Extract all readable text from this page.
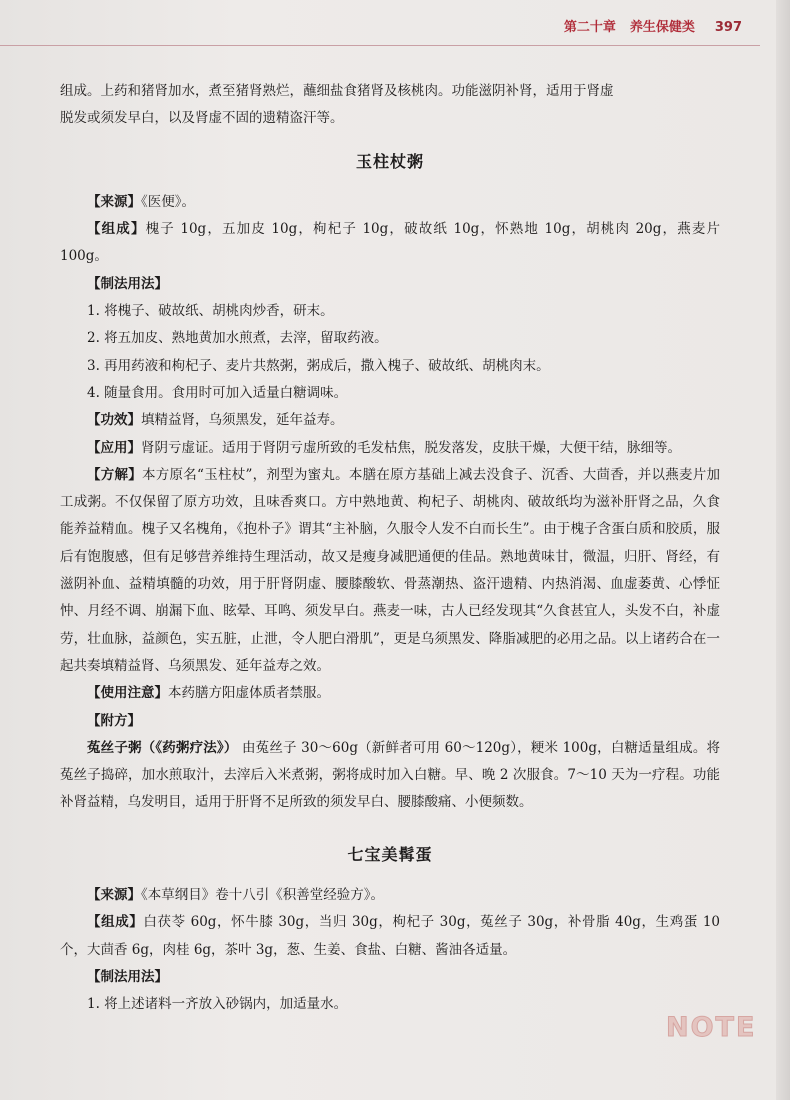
第二十章 养生保健类 397

组成。上药和猪肾加水，煮至猪肾熟烂，蘸细盐食猪肾及核桃肉。功能滋阴补肾，适用于肾虚
脱发或须发早白，以及肾虚不固的遗精盗汗等。

玉柱杖粥

【来源】《医便》。

【组成】槐子 10g，五加皮 10g，枸杞子 10g，破故纸 10g，怀熟地 10g，胡桃肉 20g，燕麦片 100g。

【制法用法】

1. 将槐子、破故纸、胡桃肉炒香，研末。

2. 将五加皮、熟地黄加水煎煮，去滓，留取药液。

3. 再用药液和枸杞子、麦片共熬粥，粥成后，撒入槐子、破故纸、胡桃肉末。

4. 随量食用。食用时可加入适量白糖调味。

【功效】填精益肾，乌须黑发，延年益寿。

【应用】肾阴亏虚证。适用于肾阴亏虚所致的毛发枯焦，脱发落发，皮肤干燥，大便干结，脉细等。

【方解】本方原名“玉柱杖”，剂型为蜜丸。本膳在原方基础上减去没食子、沉香、大茴香，并以燕麦片加工成粥。不仅保留了原方功效，且味香爽口。方中熟地黄、枸杞子、胡桃肉、破故纸均为滋补肝肾之品，久食能养益精血。槐子又名槐角，《抱朴子》谓其“主补脑，久服令人发不白而长生”。由于槐子含蛋白质和胶质，服后有饱腹感，但有足够营养维持生理活动，故又是瘦身减肥通便的佳品。熟地黄味甘，微温，归肝、肾经，有滋阴补血、益精填髓的功效，用于肝肾阴虚、腰膝酸软、骨蒸潮热、盗汗遗精、内热消渴、血虚萎黄、心悸怔忡、月经不调、崩漏下血、眩晕、耳鸣、须发早白。燕麦一味，古人已经发现其“久食甚宜人，头发不白，补虚劳，壮血脉，益颜色，实五脏，止泄，令人肥白滑肌”，更是乌须黑发、降脂减肥的必用之品。以上诸药合在一起共奏填精益肾、乌须黑发、延年益寿之效。

【使用注意】本药膳方阳虚体质者禁服。

【附方】

菟丝子粥（《药粥疗法》） 由菟丝子 30～60g（新鲜者可用 60～120g），粳米 100g，白糖适量组成。将菟丝子捣碎，加水煎取汁，去滓后入米煮粥，粥将成时加入白糖。早、晚 2 次服食。7～10 天为一疗程。功能补肾益精，乌发明目，适用于肝肾不足所致的须发早白、腰膝酸痛、小便频数。

七宝美髯蛋

【来源】《本草纲目》卷十八引《积善堂经验方》。

【组成】白茯苓 60g，怀牛膝 30g，当归 30g，枸杞子 30g，菟丝子 30g，补骨脂 40g，生鸡蛋 10 个，大茴香 6g，肉桂 6g，茶叶 3g，葱、生姜、食盐、白糖、酱油各适量。

【制法用法】

1. 将上述诸料一齐放入砂锅内，加适量水。

NOTE
